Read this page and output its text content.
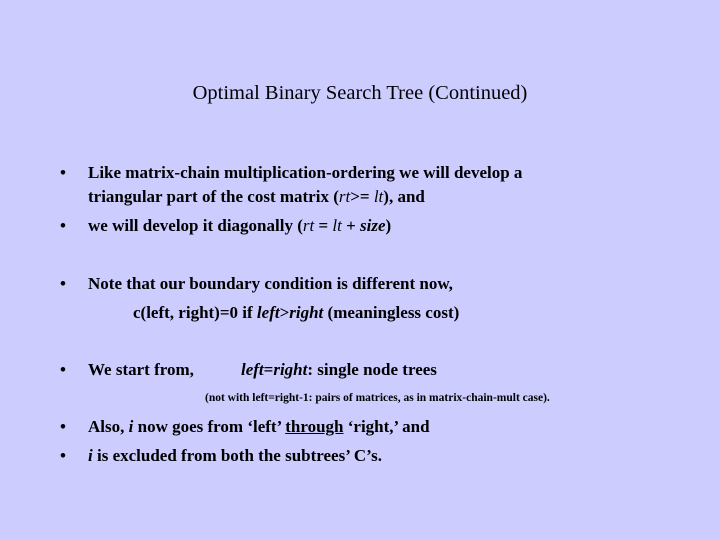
Optimal Binary Search Tree (Continued)
• Like matrix-chain multiplication-ordering we will develop a
triangular part of the cost matrix (rt>= lt), and
• we will develop it diagonally (rt = lt + size)
• Note that our boundary condition is different now,
c(left, right)=0 if left>right (meaningless cost)
• We start from,	left=right: single node trees
(not with left=right-1: pairs of matrices, as in matrix-chain-mult case).
• Also, i now goes from ‘left’ through ‘right,’ and
• i is excluded from both the subtrees’ C’s.
